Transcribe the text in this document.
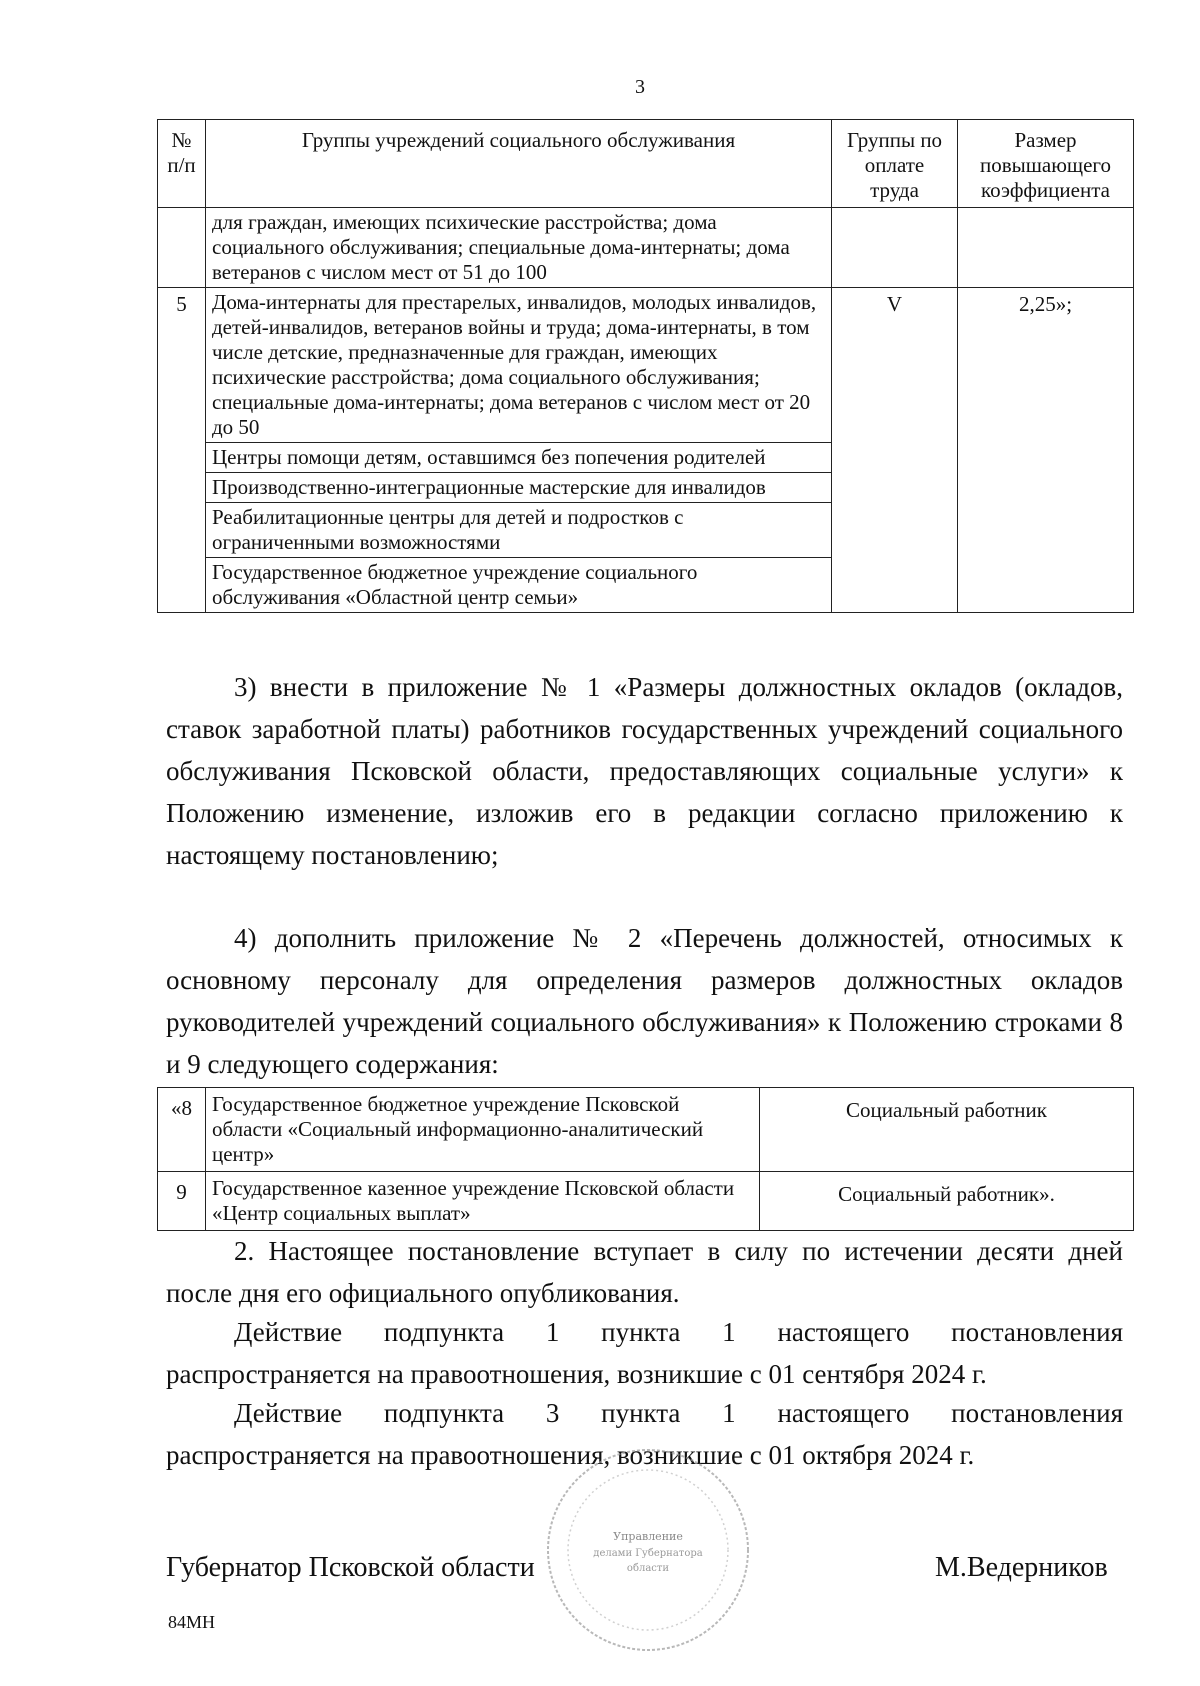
3
№ п/п	Группы учреждений социального обслуживания	Группы по оплате труда	Размер повышающего коэффициента
	для граждан, имеющих психические расстройства; дома социального обслуживания; специальные дома-интернаты; дома ветеранов с числом мест от 51 до 100		
5	Дома-интернаты для престарелых, инвалидов, молодых инвалидов, детей-инвалидов, ветеранов войны и труда; дома-интернаты, в том числе детские, предназначенные для граждан, имеющих психические расстройства; дома социального обслуживания; специальные дома-интернаты; дома ветеранов с числом мест от 20 до 50	V	2,25»;
	Центры помощи детям, оставшимся без попечения родителей		
	Производственно-интеграционные мастерские для инвалидов		
	Реабилитационные центры для детей и подростков с ограниченными возможностями		
	Государственное бюджетное учреждение социального обслуживания «Областной центр семьи»		

3) внести в приложение № 1 «Размеры должностных окладов (окладов, ставок заработной платы) работников государственных учреждений социального обслуживания Псковской области, предоставляющих социальные услуги» к Положению изменение, изложив его в редакции согласно приложению к настоящему постановлению;

4) дополнить приложение № 2 «Перечень должностей, относимых к основному персоналу для определения размеров должностных окладов руководителей учреждений социального обслуживания» к Положению строками 8 и 9 следующего содержания:

«8	Государственное бюджетное учреждение Псковской области «Социальный информационно-аналитический центр»	Социальный работник
9	Государственное казенное учреждение Псковской области «Центр социальных выплат»	Социальный работник».

2. Настоящее постановление вступает в силу по истечении десяти дней после дня его официального опубликования.

Действие подпункта 1 пункта 1 настоящего постановления распространяется на правоотношения, возникшие с 01 сентября 2024 г.

Действие подпункта 3 пункта 1 настоящего постановления распространяется на правоотношения, возникшие с 01 октября 2024 г.

Управление
делами Губернатора
области
Губернатор Псковской области	М.Ведерников
84МН
